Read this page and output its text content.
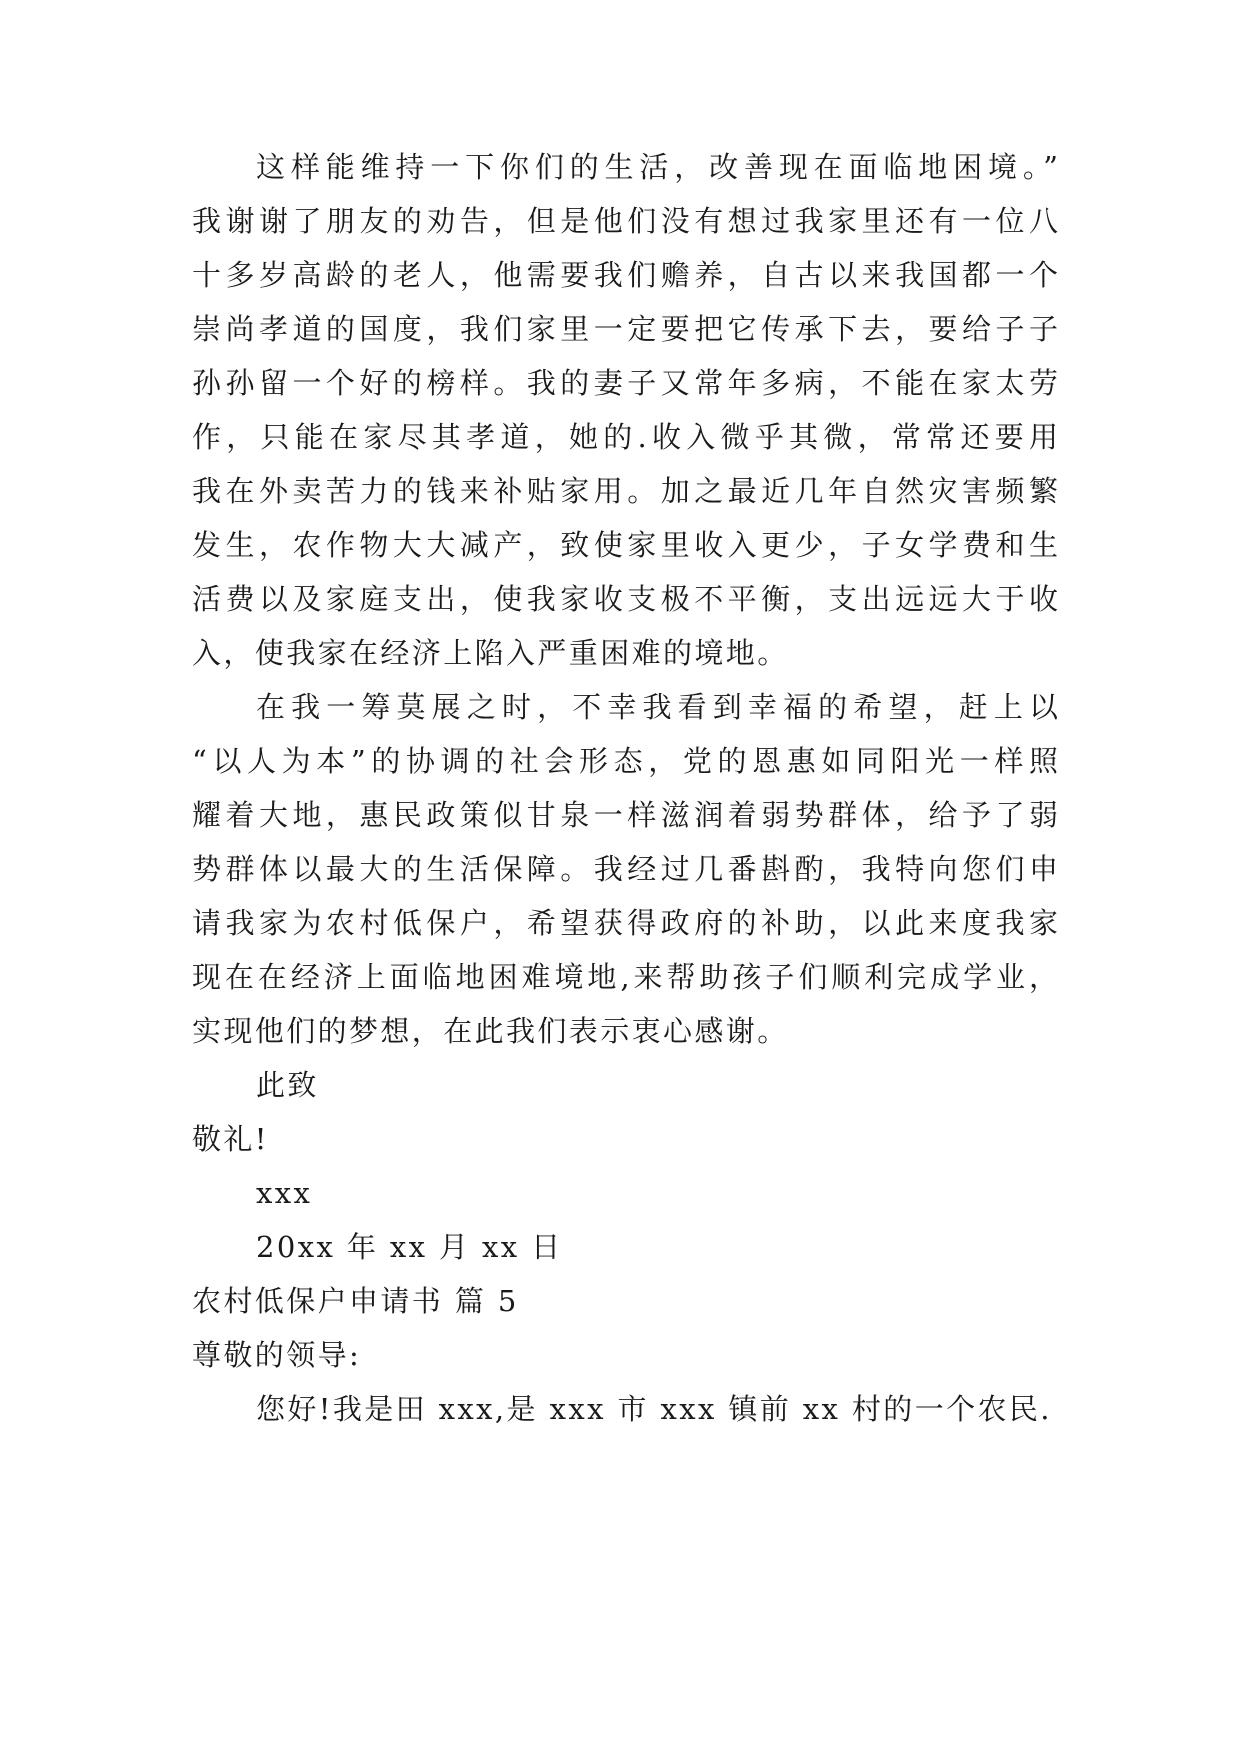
这样能维持一下你们的生活，改善现在面临地困境。”
我谢谢了朋友的劝告，但是他们没有想过我家里还有一位八
十多岁高龄的老人，他需要我们赡养，自古以来我国都一个
崇尚孝道的国度，我们家里一定要把它传承下去，要给子子
孙孙留一个好的榜样。我的妻子又常年多病，不能在家太劳
作，只能在家尽其孝道，她的.收入微乎其微，常常还要用
我在外卖苦力的钱来补贴家用。加之最近几年自然灾害频繁
发生，农作物大大减产，致使家里收入更少，子女学费和生
活费以及家庭支出，使我家收支极不平衡，支出远远大于收
入，使我家在经济上陷入严重困难的境地。
在我一筹莫展之时，不幸我看到幸福的希望，赶上以
“以人为本”的协调的社会形态，党的恩惠如同阳光一样照
耀着大地，惠民政策似甘泉一样滋润着弱势群体，给予了弱
势群体以最大的生活保障。我经过几番斟酌，我特向您们申
请我家为农村低保户，希望获得政府的补助，以此来度我家
现在在经济上面临地困难境地,来帮助孩子们顺利完成学业，
实现他们的梦想，在此我们表示衷心感谢。
此致
敬礼!
xxx
20xx 年 xx 月 xx 日
农村低保户申请书 篇 5
尊敬的领导:
您好!我是田 xxx,是 xxx 市 xxx 镇前 xx 村的一个农民.
